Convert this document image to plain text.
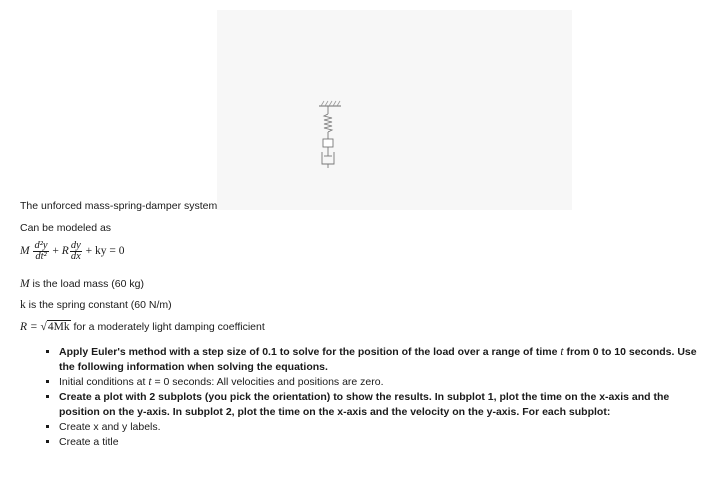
The unforced mass-spring-damper system
Can be modeled as
M $\frac{\text{d²y}}{\text{dt²}} + R \frac{dy}{dx}$ + ky = 0
M is the load mass (60 kg)
k is the spring constant (60 N/m)
R = √4Mk for a moderately light damping coefficient
▪ Apply Euler's method with a step size of 0.1 to solve for the position of the load over a range of time t from 0 to 10 seconds. Use the following information when solving the equations.
▪ Initial conditions at t = 0 seconds: All velocities and positions are zero.
▪ Create a plot with 2 subplots (you pick the orientation) to show the results. In subplot 1, plot the time on the x-axis and the position on the y-axis. In subplot 2, plot the time on the x-axis and the velocity on the y-axis. For each subplot:
▪ Create x and y labels.
▪ Create a title
